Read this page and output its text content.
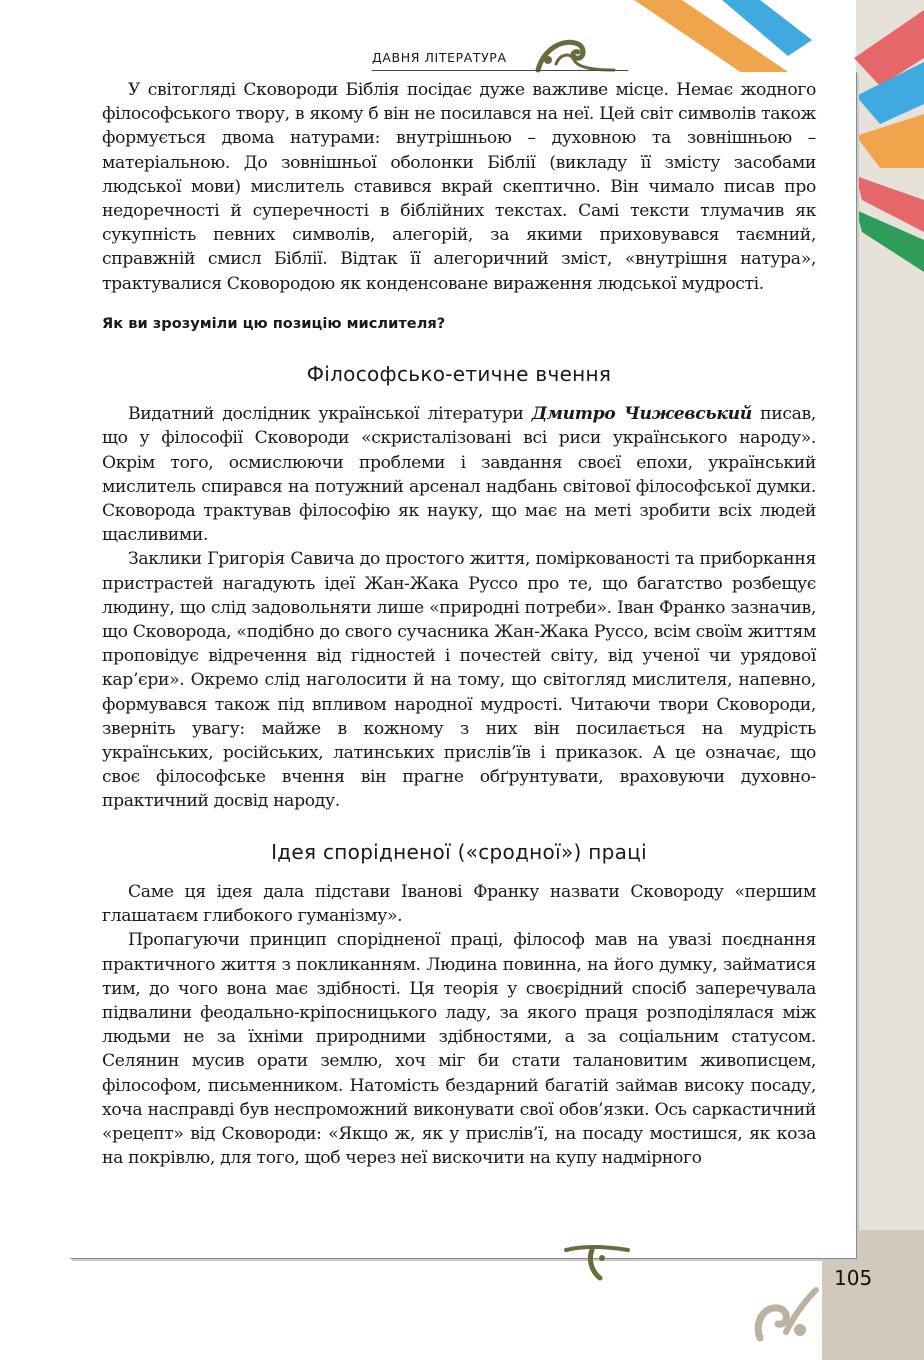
ДАВНЯ ЛІТЕРАТУРА

У світогляді Сковороди Біблія посідає дуже важливе місце. Немає жодного філософського твору, в якому б він не посилався на неї. Цей світ символів також формується двома натурами: внутрішньою – духовною та зовнішньою – матеріальною. До зовнішньої оболонки Біблії (викладу її змісту засобами людської мови) мислитель ставився вкрай скептично. Він чимало писав про недоречності й суперечності в біблійних текстах. Самі тексти тлумачив як сукупність певних символів, алегорій, за якими приховувався таємний, справжній смисл Біблії. Відтак її алегоричний зміст, «внутрішня натура», трактувалися Сковородою як конденсоване вираження людської мудрості.

Як ви зрозуміли цю позицію мислителя?

Філософсько-етичне вчення

Видатний дослідник української літератури Дмитро Чижевський писав, що у філософії Сковороди «скристалізовані всі риси українського народу». Окрім того, осмислюючи проблеми і завдання своєї епохи, український мислитель спирався на потужний арсенал надбань світової філософської думки. Сковорода трактував філософію як науку, що має на меті зробити всіх людей щасливими.

Заклики Григорія Савича до простого життя, поміркованості та приборкання пристрастей нагадують ідеї Жан-Жака Руссо про те, що багатство розбещує людину, що слід задовольняти лише «природні потреби». Іван Франко зазначив, що Сковорода, «подібно до свого сучасника Жан-Жака Руссо, всім своїм життям проповідує відречення від гідностей і почестей світу, від ученої чи урядової кар’єри». Окремо слід наголосити й на тому, що світогляд мислителя, напевно, формувався також під впливом народної мудрості. Читаючи твори Сковороди, зверніть увагу: майже в кожному з них він посилається на мудрість українських, російських, латинських прислів’їв і приказок. А це означає, що своє філософське вчення він прагне обґрунтувати, враховуючи духовно-практичний досвід народу.

Ідея спорідненої («сродної») праці

Саме ця ідея дала підстави Іванові Франку назвати Сковороду «першим глашатаєм глибокого гуманізму».

Пропагуючи принцип спорідненої праці, філософ мав на увазі поєднання практичного життя з покликанням. Людина повинна, на його думку, займатися тим, до чого вона має здібності. Ця теорія у своєрідний спосіб заперечувала підвалини феодально-кріпосницького ладу, за якого праця розподілялася між людьми не за їхніми природними здібностями, а за соціальним статусом. Селянин мусив орати землю, хоч міг би стати талановитим живописцем, філософом, письменником. Натомість бездарний багатій займав високу посаду, хоча насправді був неспроможний виконувати свої обов’язки. Ось саркастичний «рецепт» від Сковороди: «Якщо ж, як у прислів’ї, на посаду мостишся, як коза на покрівлю, для того, щоб через неї вискочити на купу надмірного

105
